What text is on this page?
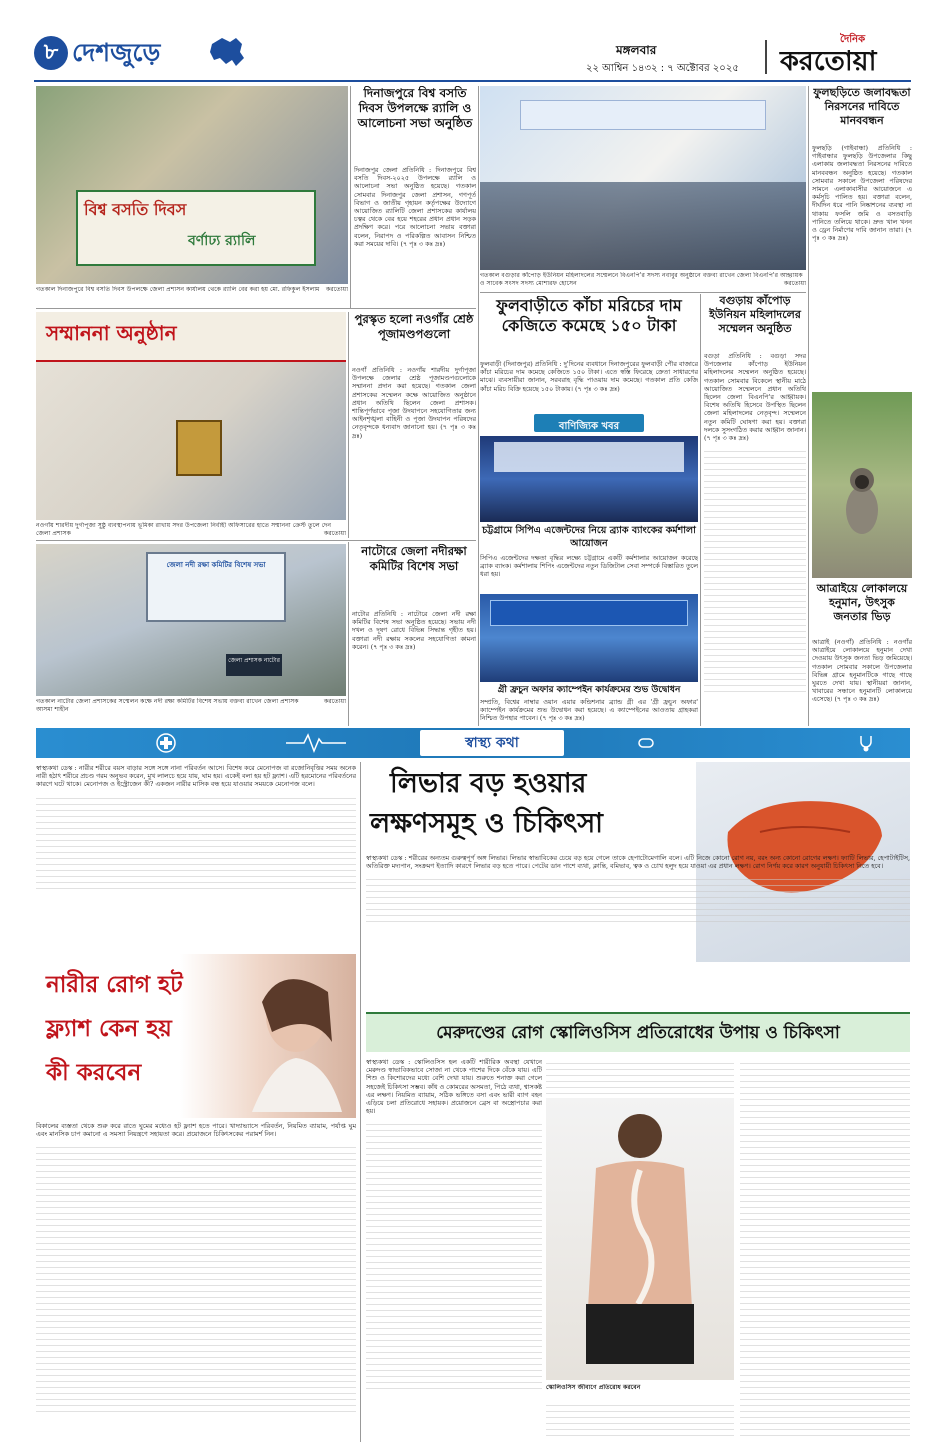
৮ দেশজুড়ে	মঙ্গলবার
২২ আশ্বিন ১৪৩২ : ৭ অক্টোবর ২০২৫
দৈনিক
করতোয়া
বিশ্ব বসতি দিবস
বর্ণাঢ্য র‍্যালি
গতকাল দিনাজপুরে বিশ্ব বসতি দিবস উপলক্ষে জেলা প্রশাসন কার্যালয় থেকে র‍্যালি বের করা হয় মো. রফিকুল ইসলাম করতোয়া
দিনাজপুরে বিশ্ব বসতি দিবস উপলক্ষে র‍্যালি ও আলোচনা সভা অনুষ্ঠিত
দিনাজপুর জেলা প্রতিনিধি : দিনাজপুরে বিশ্ব বসতি দিবস-২০২৫ উপলক্ষে র‍্যালি ও আলোচনা সভা অনুষ্ঠিত হয়েছে। গতকাল সোমবার দিনাজপুর জেলা প্রশাসন, গণপূর্ত বিভাগ ও জাতীয় গৃহায়ন কর্তৃপক্ষের উদ্যোগে আয়োজিত র‍্যালিটি জেলা প্রশাসকের কার্যালয় চত্বর থেকে বের হয়ে শহরের প্রধান প্রধান সড়ক প্রদক্ষিণ করে। পরে আলোচনা সভায় বক্তারা বলেন, নিরাপদ ও পরিকল্পিত আবাসন নিশ্চিত করা সময়ের দাবি। (৭ পৃঃ ৩ কঃ দ্রঃ)
গতকাল বগুড়ার কাঁপোড় ইউনিয়ন মহিলাদলের সম্মেলনে বিএনপি'র সদস্য নবাবুর অনুষ্ঠানে বক্তব্য রাখেন জেলা বিএনপি'র আহ্বায়ক ও সাবেক সংসদ সদস্য মোশারফ হোসেন	করতোয়া
ফুলছড়িতে জলাবদ্ধতা নিরসনের দাবিতে মানববন্ধন
ফুলছড়ি (গাইবান্ধা) প্রতিনিধি : গাইবান্ধার ফুলছড়ি উপজেলার কিছু এলাকায় জলাবদ্ধতা নিরসনের দাবিতে মানববন্ধন অনুষ্ঠিত হয়েছে। গতকাল সোমবার সকালে উপজেলা পরিষদের সামনে এলাকাবাসীর আয়োজনে এ কর্মসূচি পালিত হয়। বক্তারা বলেন, দীর্ঘদিন ধরে পানি নিষ্কাশনের ব্যবস্থা না থাকায় ফসলি জমি ও বসতবাড়ি পানিতে তলিয়ে থাকে। দ্রুত খাল খনন ও ড্রেন নির্মাণের দাবি জানান তারা। (৭ পৃঃ ৩ কঃ দ্রঃ)
আত্রাইয়ে লোকালয়ে হনুমান, উৎসুক জনতার ভিড়
আত্রাই (নওগাঁ) প্রতিনিধি : নওগাঁর আত্রাইয়ে লোকালয়ে হনুমান দেখা দেওয়ায় উৎসুক জনতা ভিড় জমিয়েছে। গতকাল সোমবার সকালে উপজেলার বিভিন্ন গ্রামে হনুমানটিকে গাছে গাছে ঘুরতে দেখা যায়। স্থানীয়রা জানান, খাবারের সন্ধানে হনুমানটি লোকালয়ে এসেছে। (৭ পৃঃ ৩ কঃ দ্রঃ)
ফুলবাড়ীতে কাঁচা মরিচের দাম কেজিতে কমেছে ১৫০ টাকা
ফুলবাড়ী (দিনাজপুর) প্রতিনিধি : দু'দিনের ব্যবধানে দিনাজপুরের ফুলবাড়ী পৌর বাজারে কাঁচা মরিচের দাম কমেছে কেজিতে ১৫০ টাকা। এতে স্বস্তি ফিরেছে ক্রেতা সাধারণের মাঝে। ব্যবসায়ীরা জানান, সরবরাহ বৃদ্ধি পাওয়ায় দাম কমেছে। গতকাল প্রতি কেজি কাঁচা মরিচ বিক্রি হয়েছে ১৫০ টাকায়। (৭ পৃঃ ৩ কঃ দ্রঃ)
বগুড়ায় কাঁপোড় ইউনিয়ন মহিলাদলের সম্মেলন অনুষ্ঠিত
বগুড়া প্রতিনিধি : বগুড়া সদর উপজেলার কাঁপোড় ইউনিয়ন মহিলাদলের সম্মেলন অনুষ্ঠিত হয়েছে। গতকাল সোমবার বিকেলে স্থানীয় মাঠে আয়োজিত সম্মেলনে প্রধান অতিথি ছিলেন জেলা বিএনপি'র আহ্বায়ক। বিশেষ অতিথি হিসেবে উপস্থিত ছিলেন জেলা মহিলাদলের নেতৃবৃন্দ। সম্মেলনে নতুন কমিটি ঘোষণা করা হয়। বক্তারা দলকে সুসংগঠিত করার আহ্বান জানান। (৭ পৃঃ ৩ কঃ দ্রঃ)
বাণিজ্যিক খবর
চট্টগ্রামে সিপিএ এজেন্টদের নিয়ে ব্র্যাক ব্যাংকের কর্মশালা আয়োজন
সিপিএ এজেন্টদের দক্ষতা বৃদ্ধির লক্ষ্যে চট্টগ্রামে একটি কর্মশালার আয়োজন করেছে ব্র্যাক ব্যাংক। কর্মশালায় শিপিং এজেন্টদের নতুন ডিজিটাল সেবা সম্পর্কে বিস্তারিত তুলে ধরা হয়।
গ্রী ফ্রচুন অফার ক্যাম্পেইন কার্যক্রমের শুভ উদ্বোধন
সম্প্রতি, বিশ্বের নাম্বার ওয়ান এয়ার কন্ডিশনার ব্র্যান্ড গ্রী এর 'গ্রী ফ্রচুন অফার' ক্যাম্পেইন কার্যক্রমের শুভ উদ্বোধন করা হয়েছে। এ ক্যাম্পেইনের আওতায় গ্রাহকরা নিশ্চিত উপহার পাবেন। (৭ পৃঃ ৩ কঃ দ্রঃ)
সম্মাননা অনুষ্ঠান
নওগাঁয় শারদীয় দুর্গাপূজা সুষ্ঠু ব্যবস্থাপনায় ভূমিকা রাখায় সদর উপজেলা নির্বাহী অফিসারের হাতে সম্মাননা ক্রেস্ট তুলে দেন জেলা প্রশাসক	করতোয়া
পুরস্কৃত হলো নওগাঁর শ্রেষ্ঠ পূজামণ্ডপগুলো
নওগাঁ প্রতিনিধি : নওগাঁয় শারদীয় দুর্গাপূজা উপলক্ষে জেলার শ্রেষ্ঠ পূজামণ্ডপগুলোকে সম্মাননা প্রদান করা হয়েছে। গতকাল জেলা প্রশাসকের সম্মেলন কক্ষে আয়োজিত অনুষ্ঠানে প্রধান অতিথি ছিলেন জেলা প্রশাসক। শান্তিপূর্ণভাবে পূজা উদযাপনে সহযোগিতার জন্য আইনশৃঙ্খলা বাহিনী ও পূজা উদযাপন পরিষদের নেতৃবৃন্দকে ধন্যবাদ জানানো হয়। (৭ পৃঃ ৩ কঃ দ্রঃ)
জেলা নদী রক্ষা কমিটির বিশেষ সভা
জেলা প্রশাসক নাটোর
গতকাল নাটোর জেলা প্রশাসকের সম্মেলন কক্ষে নদী রক্ষা কমিটির বিশেষ সভায় বক্তব্য রাখেন জেলা প্রশাসক	করতোয়া
আসমা শাহীন
নাটোরে জেলা নদীরক্ষা কমিটির বিশেষ সভা
নাটোর প্রতিনিধি : নাটোরে জেলা নদী রক্ষা কমিটির বিশেষ সভা অনুষ্ঠিত হয়েছে। সভায় নদী দখল ও দূষণ রোধে বিভিন্ন সিদ্ধান্ত গৃহীত হয়। বক্তারা নদী রক্ষায় সকলের সহযোগিতা কামনা করেন। (৭ পৃঃ ৩ কঃ দ্রঃ)
স্বাস্থ্য কথা
স্বাস্থ্যকথা ডেস্ক : নারীর শরীরে বয়স বাড়ার সঙ্গে সঙ্গে নানা পরিবর্তন আসে। বিশেষ করে মেনোপজ বা রজোনিবৃত্তির সময় অনেক নারী হঠাৎ শরীরে প্রচণ্ড গরম অনুভব করেন, মুখ লালচে হয়ে যায়, ঘাম হয়। একেই বলা হয় হট ফ্ল্যাশ। এটি হরমোনের পরিবর্তনের কারণে ঘটে থাকে। মেনোপজ ও ইস্ট্রোজেন কী? একজন নারীর মাসিক বন্ধ হয়ে যাওয়ার সময়কে মেনোপজ বলে।
নারীর রোগ হট
ফ্ল্যাশ কেন হয়
কী করবেন
বিকালের ব্যস্ততা থেকে শুরু করে রাতে ঘুমের মধ্যেও হট ফ্ল্যাশ হতে পারে। খাদ্যাভ্যাসে পরিবর্তন, নিয়মিত ব্যায়াম, পর্যাপ্ত ঘুম এবং মানসিক চাপ কমানো এ সমস্যা নিয়ন্ত্রণে সহায়তা করে। প্রয়োজনে চিকিৎসকের পরামর্শ নিন।
লিভার বড় হওয়ার
লক্ষণসমূহ ও চিকিৎসা
স্বাস্থ্যকথা ডেস্ক : শরীরের অন্যতম গুরুত্বপূর্ণ অঙ্গ লিভার। লিভার স্বাভাবিকের চেয়ে বড় হয়ে গেলে তাকে হেপাটোমেগালি বলে। এটি নিজে কোনো রোগ নয়, বরং অন্য কোনো রোগের লক্ষণ। ফ্যাটি লিভার, হেপাটাইটিস, অতিরিক্ত মদ্যপান, সংক্রমণ ইত্যাদি কারণে লিভার বড় হতে পারে। পেটের ডান পাশে ব্যথা, ক্লান্তি, বমিভাব, ত্বক ও চোখ হলুদ হয়ে যাওয়া এর প্রধান লক্ষণ। রোগ নির্ণয় করে কারণ অনুযায়ী চিকিৎসা নিতে হবে।
মেরুদণ্ডের রোগ স্কোলিওসিস প্রতিরোধের উপায় ও চিকিৎসা
স্বাস্থ্যকথা ডেস্ক : স্কোলিওসিস হল একটি শারীরিক অবস্থা যেখানে মেরুদণ্ড স্বাভাবিকভাবে সোজা না থেকে পাশের দিকে বেঁকে যায়। এটি শিশু ও কিশোরদের মধ্যে বেশি দেখা যায়। শুরুতে শনাক্ত করা গেলে সহজেই চিকিৎসা সম্ভব। কাঁধ ও কোমরের অসমতা, পিঠে ব্যথা, শ্বাসকষ্ট এর লক্ষণ। নিয়মিত ব্যায়াম, সঠিক ভঙ্গিতে বসা এবং ভারী ব্যাগ বহন এড়িয়ে চলা প্রতিরোধে সহায়ক। প্রয়োজনে ব্রেস বা অস্ত্রোপচার করা হয়।
স্কোলিওসিস জীবাণে প্রতিরোধ করবেন
